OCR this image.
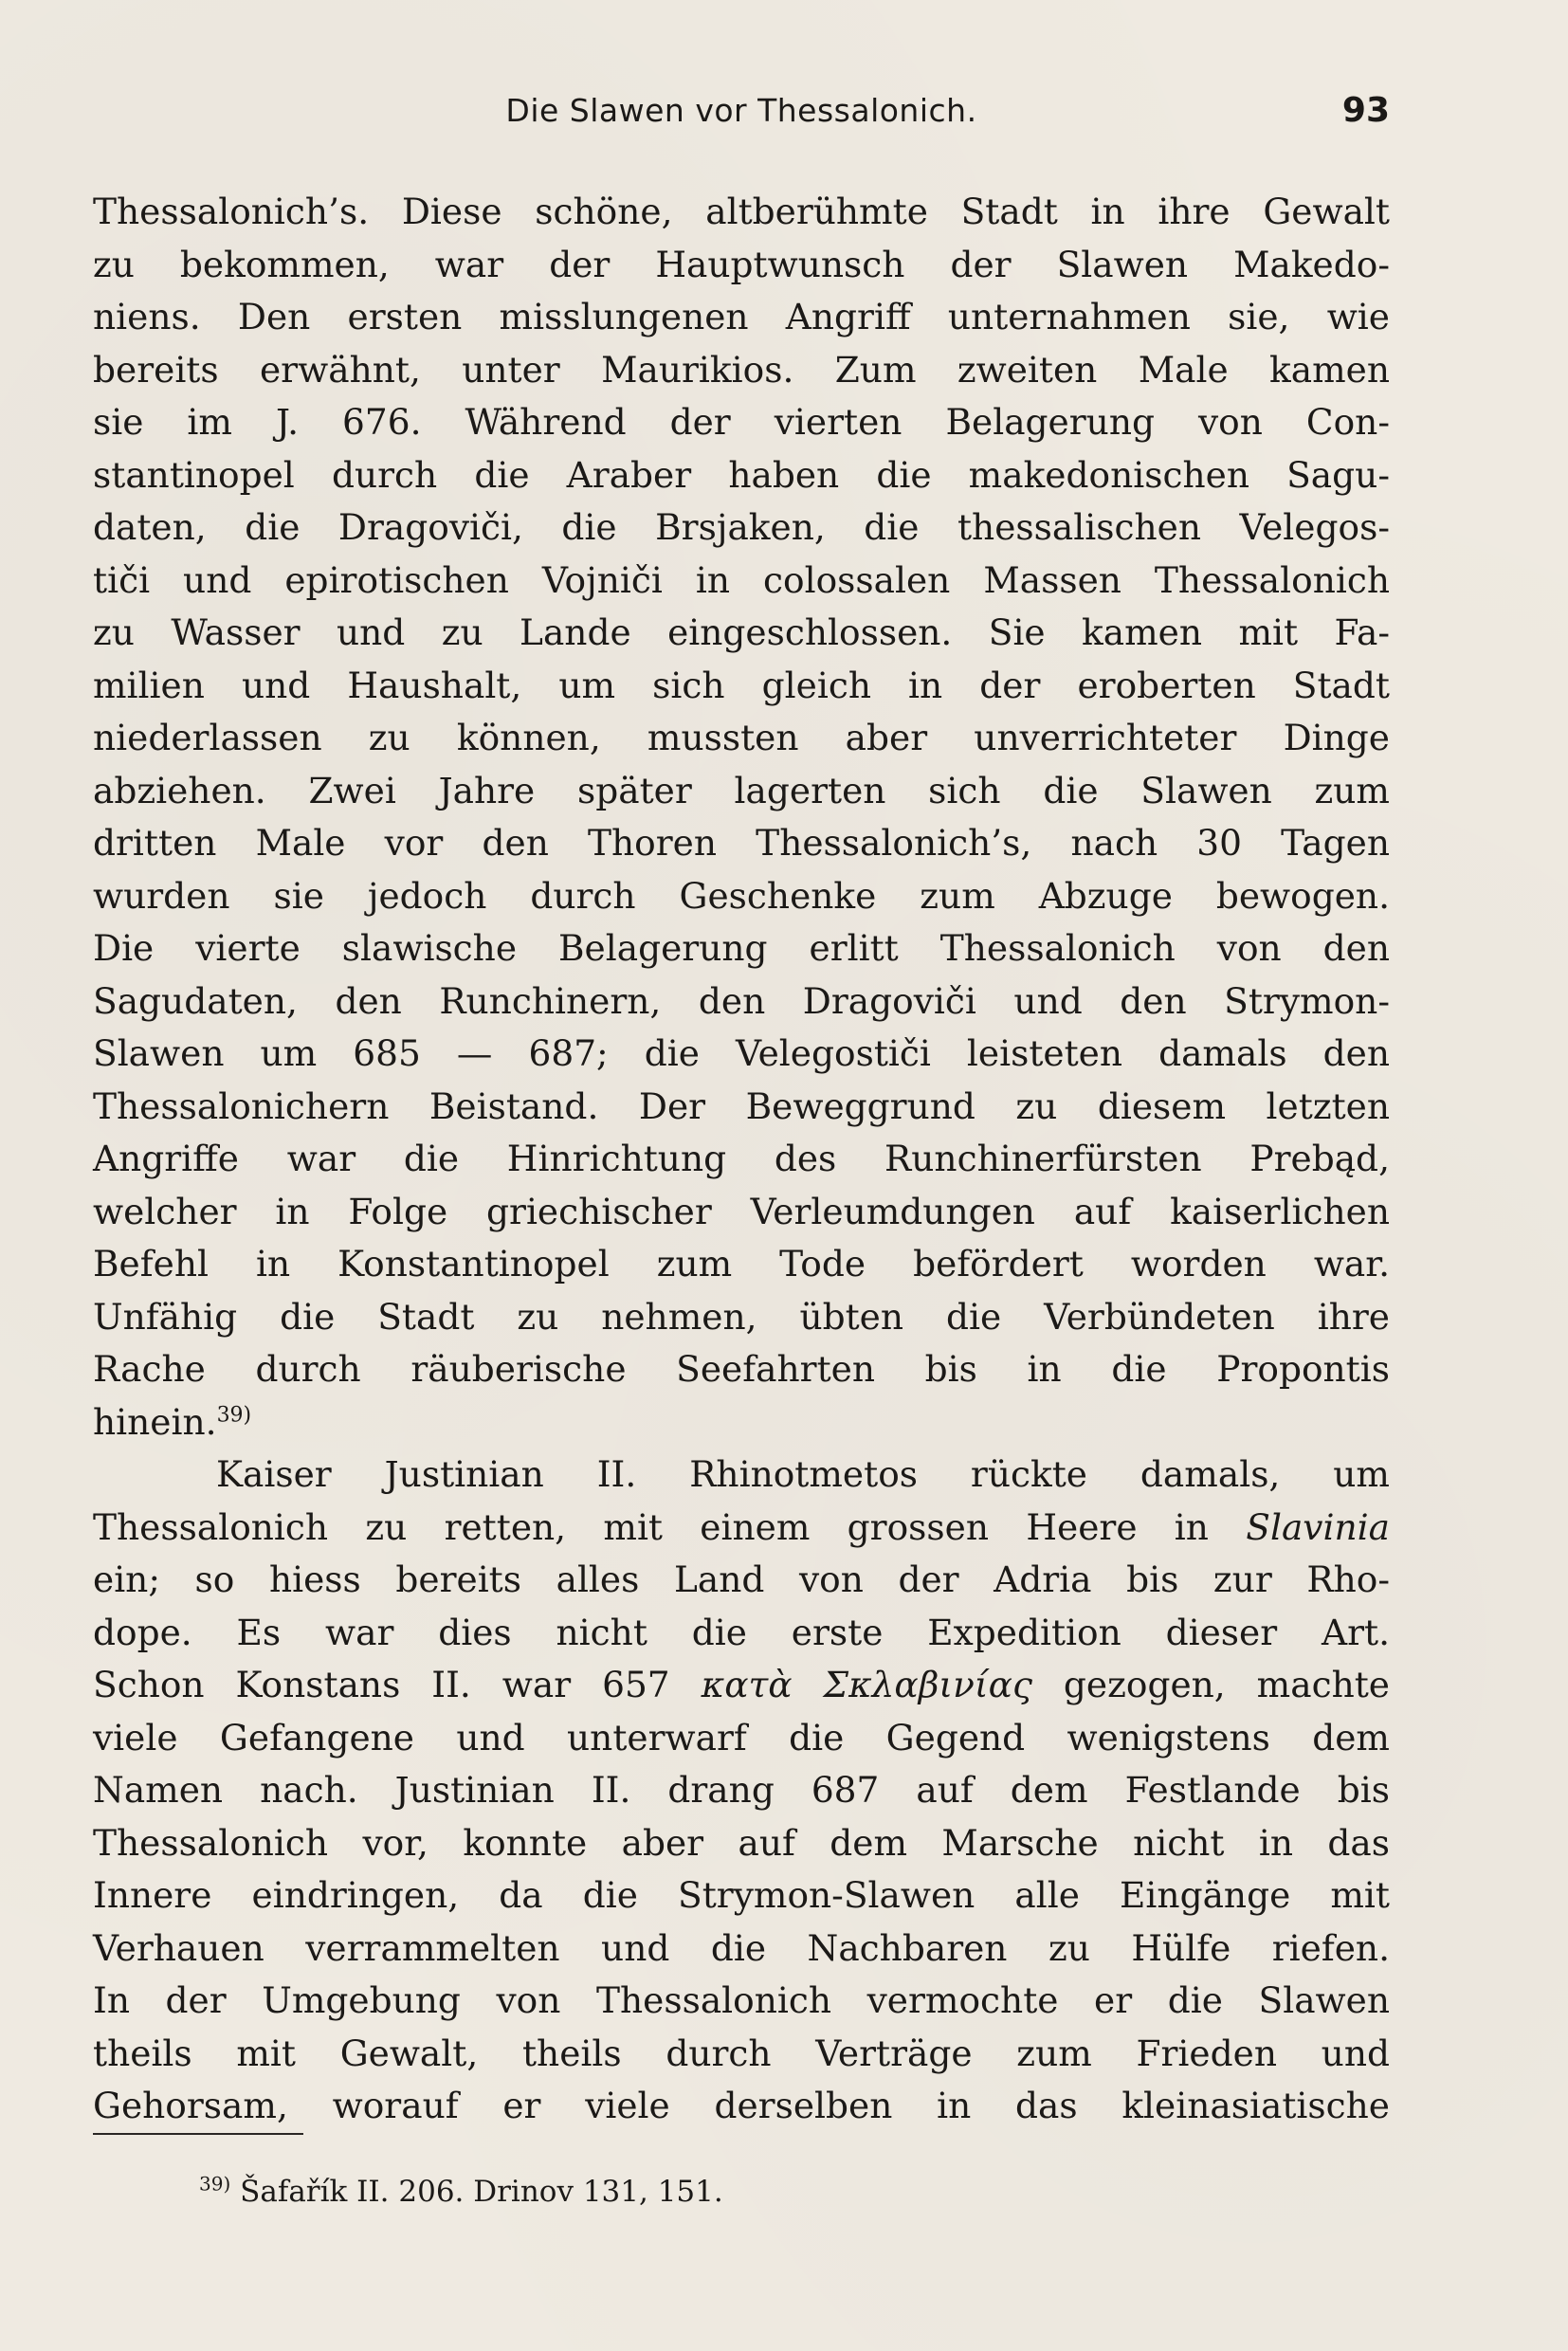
Die Slawen vor Thessalonich.	93
Thessalonich’s. Diese schöne, altberühmte Stadt in ihre Gewalt
zu bekommen, war der Hauptwunsch der Slawen Makedo-
niens. Den ersten misslungenen Angriff unternahmen sie, wie
bereits erwähnt, unter Maurikios. Zum zweiten Male kamen
sie im J. 676. Während der vierten Belagerung von Con-
stantinopel durch die Araber haben die makedonischen Sagu-
daten, die Dragoviči, die Brsjaken, die thessalischen Velegos-
tiči und epirotischen Vojniči in colossalen Massen Thessalonich
zu Wasser und zu Lande eingeschlossen. Sie kamen mit Fa-
milien und Haushalt, um sich gleich in der eroberten Stadt
niederlassen zu können, mussten aber unverrichteter Dinge
abziehen. Zwei Jahre später lagerten sich die Slawen zum
dritten Male vor den Thoren Thessalonich’s, nach 30 Tagen
wurden sie jedoch durch Geschenke zum Abzuge bewogen.
Die vierte slawische Belagerung erlitt Thessalonich von den
Sagudaten, den Runchinern, den Dragoviči und den Strymon-
Slawen um 685 — 687; die Velegostiči leisteten damals den
Thessalonichern Beistand. Der Beweggrund zu diesem letzten
Angriffe war die Hinrichtung des Runchinerfürsten Prebąd,
welcher in Folge griechischer Verleumdungen auf kaiserlichen
Befehl in Konstantinopel zum Tode befördert worden war.
Unfähig die Stadt zu nehmen, übten die Verbündeten ihre
Rache durch räuberische Seefahrten bis in die Propontis
hinein.$^{39)}$
Kaiser Justinian II. Rhinotmetos rückte damals, um
Thessalonich zu retten, mit einem grossen Heere in Slavinia
ein; so hiess bereits alles Land von der Adria bis zur Rho-
dope. Es war dies nicht die erste Expedition dieser Art.
Schon Konstans II. war 657 κατὰ Σκλαβινίας gezogen, machte
viele Gefangene und unterwarf die Gegend wenigstens dem
Namen nach. Justinian II. drang 687 auf dem Festlande bis
Thessalonich vor, konnte aber auf dem Marsche nicht in das
Innere eindringen, da die Strymon-Slawen alle Eingänge mit
Verhauen verrammelten und die Nachbaren zu Hülfe riefen.
In der Umgebung von Thessalonich vermochte er die Slawen
theils mit Gewalt, theils durch Verträge zum Frieden und
Gehorsam, worauf er viele derselben in das kleinasiatische
$^{39)}$ Šafařík II. 206. Drinov 131, 151.
